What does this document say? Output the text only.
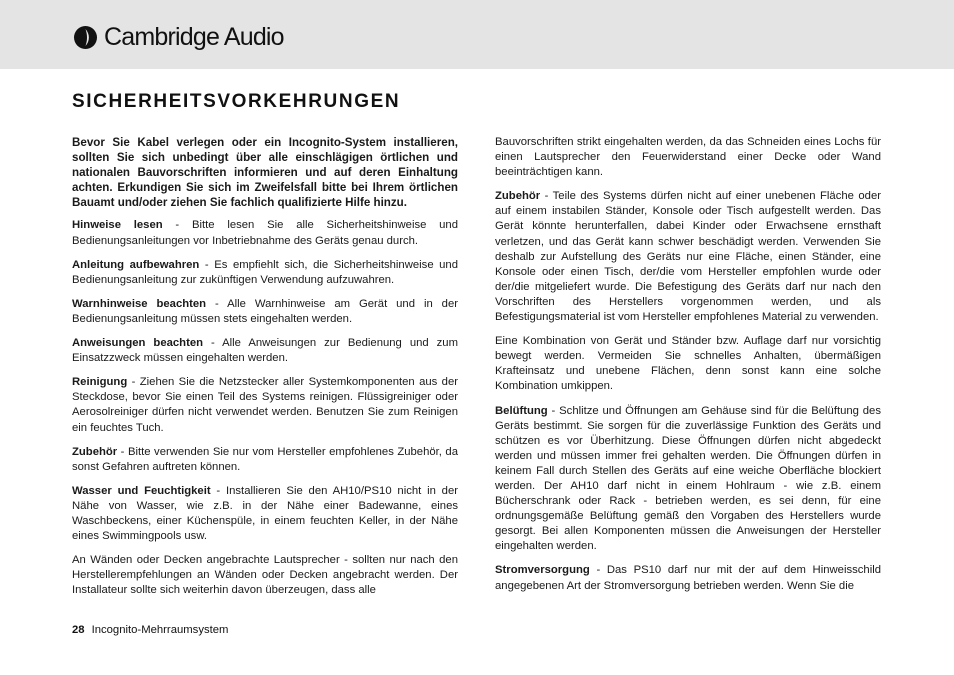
Cambridge Audio
SICHERHEITSVORKEHRUNGEN

Bevor Sie Kabel verlegen oder ein Incognito-System installieren, sollten Sie sich unbedingt über alle einschlägigen örtlichen und nationalen Bauvorschriften informieren und auf deren Einhaltung achten. Erkundigen Sie sich im Zweifelsfall bitte bei Ihrem örtlichen Bauamt und/oder ziehen Sie fachlich qualifizierte Hilfe hinzu.

Hinweise lesen - Bitte lesen Sie alle Sicherheitshinweise und Bedienungsanleitungen vor Inbetriebnahme des Geräts genau durch.

Anleitung aufbewahren - Es empfiehlt sich, die Sicherheitshinweise und Bedienungsanleitung zur zukünftigen Verwendung aufzuwahren.

Warnhinweise beachten - Alle Warnhinweise am Gerät und in der Bedienungsanleitung müssen stets eingehalten werden.

Anweisungen beachten - Alle Anweisungen zur Bedienung und zum Einsatzzweck müssen eingehalten werden.

Reinigung - Ziehen Sie die Netzstecker aller Systemkomponenten aus der Steckdose, bevor Sie einen Teil des Systems reinigen. Flüssigreiniger oder Aerosolreiniger dürfen nicht verwendet werden. Benutzen Sie zum Reinigen ein feuchtes Tuch.

Zubehör - Bitte verwenden Sie nur vom Hersteller empfohlenes Zubehör, da sonst Gefahren auftreten können.

Wasser und Feuchtigkeit - Installieren Sie den AH10/PS10 nicht in der Nähe von Wasser, wie z.B. in der Nähe einer Badewanne, eines Waschbeckens, einer Küchenspüle, in einem feuchten Keller, in der Nähe eines Swimmingpools usw.

An Wänden oder Decken angebrachte Lautsprecher - sollten nur nach den Herstellerempfehlungen an Wänden oder Decken angebracht werden. Der Installateur sollte sich weiterhin davon überzeugen, dass alle

Bauvorschriften strikt eingehalten werden, da das Schneiden eines Lochs für einen Lautsprecher den Feuerwiderstand einer Decke oder Wand beeinträchtigen kann.

Zubehör - Teile des Systems dürfen nicht auf einer unebenen Fläche oder auf einem instabilen Ständer, Konsole oder Tisch aufgestellt werden. Das Gerät könnte herunterfallen, dabei Kinder oder Erwachsene ernsthaft verletzen, und das Gerät kann schwer beschädigt werden. Verwenden Sie deshalb zur Aufstellung des Geräts nur eine Fläche, einen Ständer, eine Konsole oder einen Tisch, der/die vom Hersteller empfohlen wurde oder der/die mitgeliefert wurde. Die Befestigung des Geräts darf nur nach den Vorschriften des Herstellers vorgenommen werden, und als Befestigungsmaterial ist vom Hersteller empfohlenes Material zu verwenden.

Eine Kombination von Gerät und Ständer bzw. Auflage darf nur vorsichtig bewegt werden. Vermeiden Sie schnelles Anhalten, übermäßigen Krafteinsatz und unebene Flächen, denn sonst kann eine solche Kombination umkippen.

Belüftung - Schlitze und Öffnungen am Gehäuse sind für die Belüftung des Geräts bestimmt. Sie sorgen für die zuverlässige Funktion des Geräts und schützen es vor Überhitzung. Diese Öffnungen dürfen nicht abgedeckt werden und müssen immer frei gehalten werden. Die Öffnungen dürfen in keinem Fall durch Stellen des Geräts auf eine weiche Oberfläche blockiert werden. Der AH10 darf nicht in einem Hohlraum - wie z.B. einem Bücherschrank oder Rack - betrieben werden, es sei denn, für eine ordnungsgemäße Belüftung gemäß den Vorgaben des Herstellers wurde gesorgt. Bei allen Komponenten müssen die Anweisungen der Hersteller eingehalten werden.

Stromversorgung - Das PS10 darf nur mit der auf dem Hinweisschild angegebenen Art der Stromversorgung betrieben werden. Wenn Sie die

28 Incognito-Mehrraumsystem
